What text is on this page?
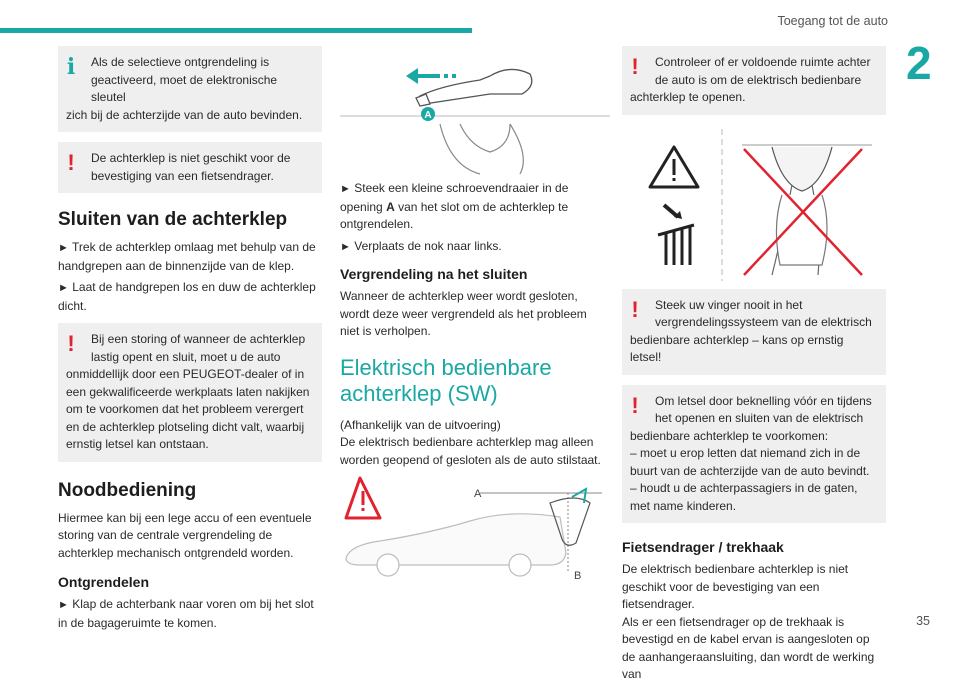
Toegang tot de auto
2
35
i	Als de selectieve ontgrendeling is geactiveerd, moet de elektronische sleutel
zich bij de achterzijde van de auto bevinden.
!	De achterklep is niet geschikt voor de bevestiging van een fietsendrager.
Sluiten van de achterklep

► Trek de achterklep omlaag met behulp van de handgrepen aan de binnenzijde van de klep.

► Laat de handgrepen los en duw de achterklep dicht.

!	Bij een storing of wanneer de achterklep lastig opent en sluit, moet u de auto
onmiddellijk door een PEUGEOT-dealer of in een gekwalificeerde werkplaats laten nakijken om te voorkomen dat het probleem verergert en de achterklep plotseling dicht valt, waarbij ernstig letsel kan ontstaan.
Noodbediening

Hiermee kan bij een lege accu of een eventuele storing van de centrale vergrendeling de achterklep mechanisch ontgrendeld worden.

Ontgrendelen

► Klap de achterbank naar voren om bij het slot in de bagageruimte te komen.

A

► Steek een kleine schroevendraaier in de opening A van het slot om de achterklep te ontgrendelen.

► Verplaats de nok naar links.

Vergrendeling na het sluiten

Wanneer de achterklep weer wordt gesloten, wordt deze weer vergrendeld als het probleem niet is verholpen.

Elektrisch bedienbare achterklep (SW)

(Afhankelijk van de uitvoering)

De elektrisch bedienbare achterklep mag alleen worden geopend of gesloten als de auto stilstaat.

A
B
!	Controleer of er voldoende ruimte achter de auto is om de elektrisch bedienbare
achterklep te openen.
!	Steek uw vinger nooit in het vergrendelingssysteem van de elektrisch
bedienbare achterklep – kans op ernstig letsel!
!	Om letsel door beknelling vóór en tijdens het openen en sluiten van de elektrisch
bedienbare achterklep te voorkomen:
– moet u erop letten dat niemand zich in de buurt van de achterzijde van de auto bevindt.
– houdt u de achterpassagiers in de gaten, met name kinderen.
Fietsendrager / trekhaak

De elektrisch bedienbare achterklep is niet geschikt voor de bevestiging van een fietsendrager.

Als er een fietsendrager op de trekhaak is bevestigd en de kabel ervan is aangesloten op de aanhangeraansluiting, dan wordt de werking van
